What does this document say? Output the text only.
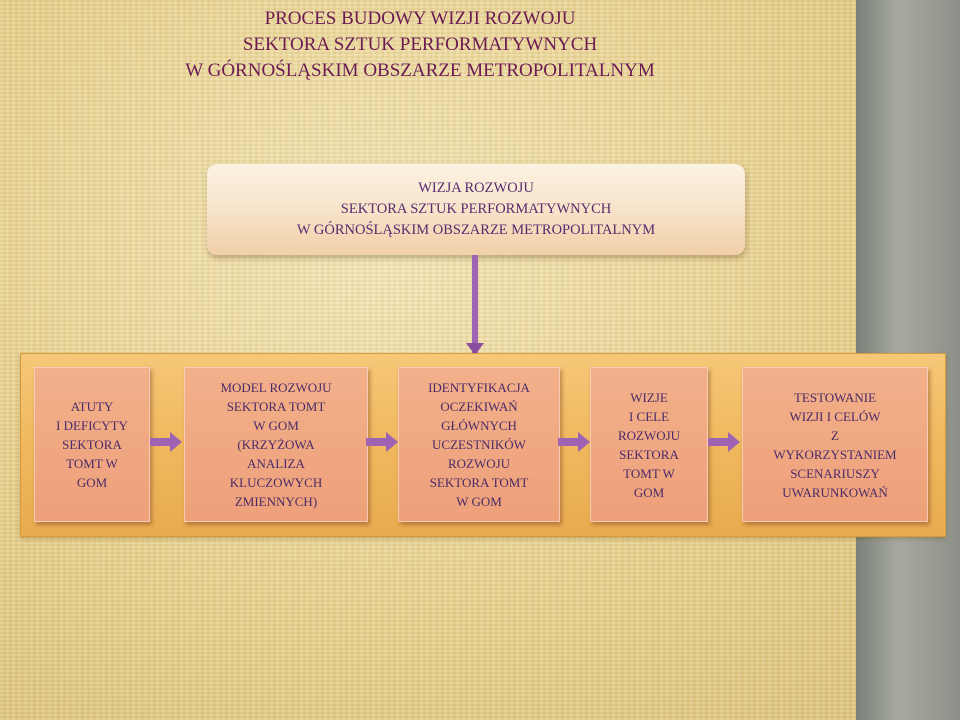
PROCES BUDOWY WIZJI ROZWOJU
SEKTORA SZTUK PERFORMATYWNYCH
W GÓRNOŚLĄSKIM OBSZARZE METROPOLITALNYM
WIZJA ROZWOJU
SEKTORA SZTUK PERFORMATYWNYCH
W GÓRNOŚLĄSKIM OBSZARZE METROPOLITALNYM
ATUTY
I DEFICYTY
SEKTORA
TOMT W
GOM
MODEL ROZWOJU
SEKTORA TOMT
W GOM
(KRZYŻOWA
ANALIZA
KLUCZOWYCH
ZMIENNYCH)
IDENTYFIKACJA
OCZEKIWAŃ
GŁÓWNYCH
UCZESTNIKÓW
ROZWOJU
SEKTORA TOMT
W GOM
WIZJE
I CELE
ROZWOJU
SEKTORA
TOMT W
GOM
TESTOWANIE
WIZJI I CELÓW
Z
WYKORZYSTANIEM
SCENARIUSZY
UWARUNKOWAŃ
